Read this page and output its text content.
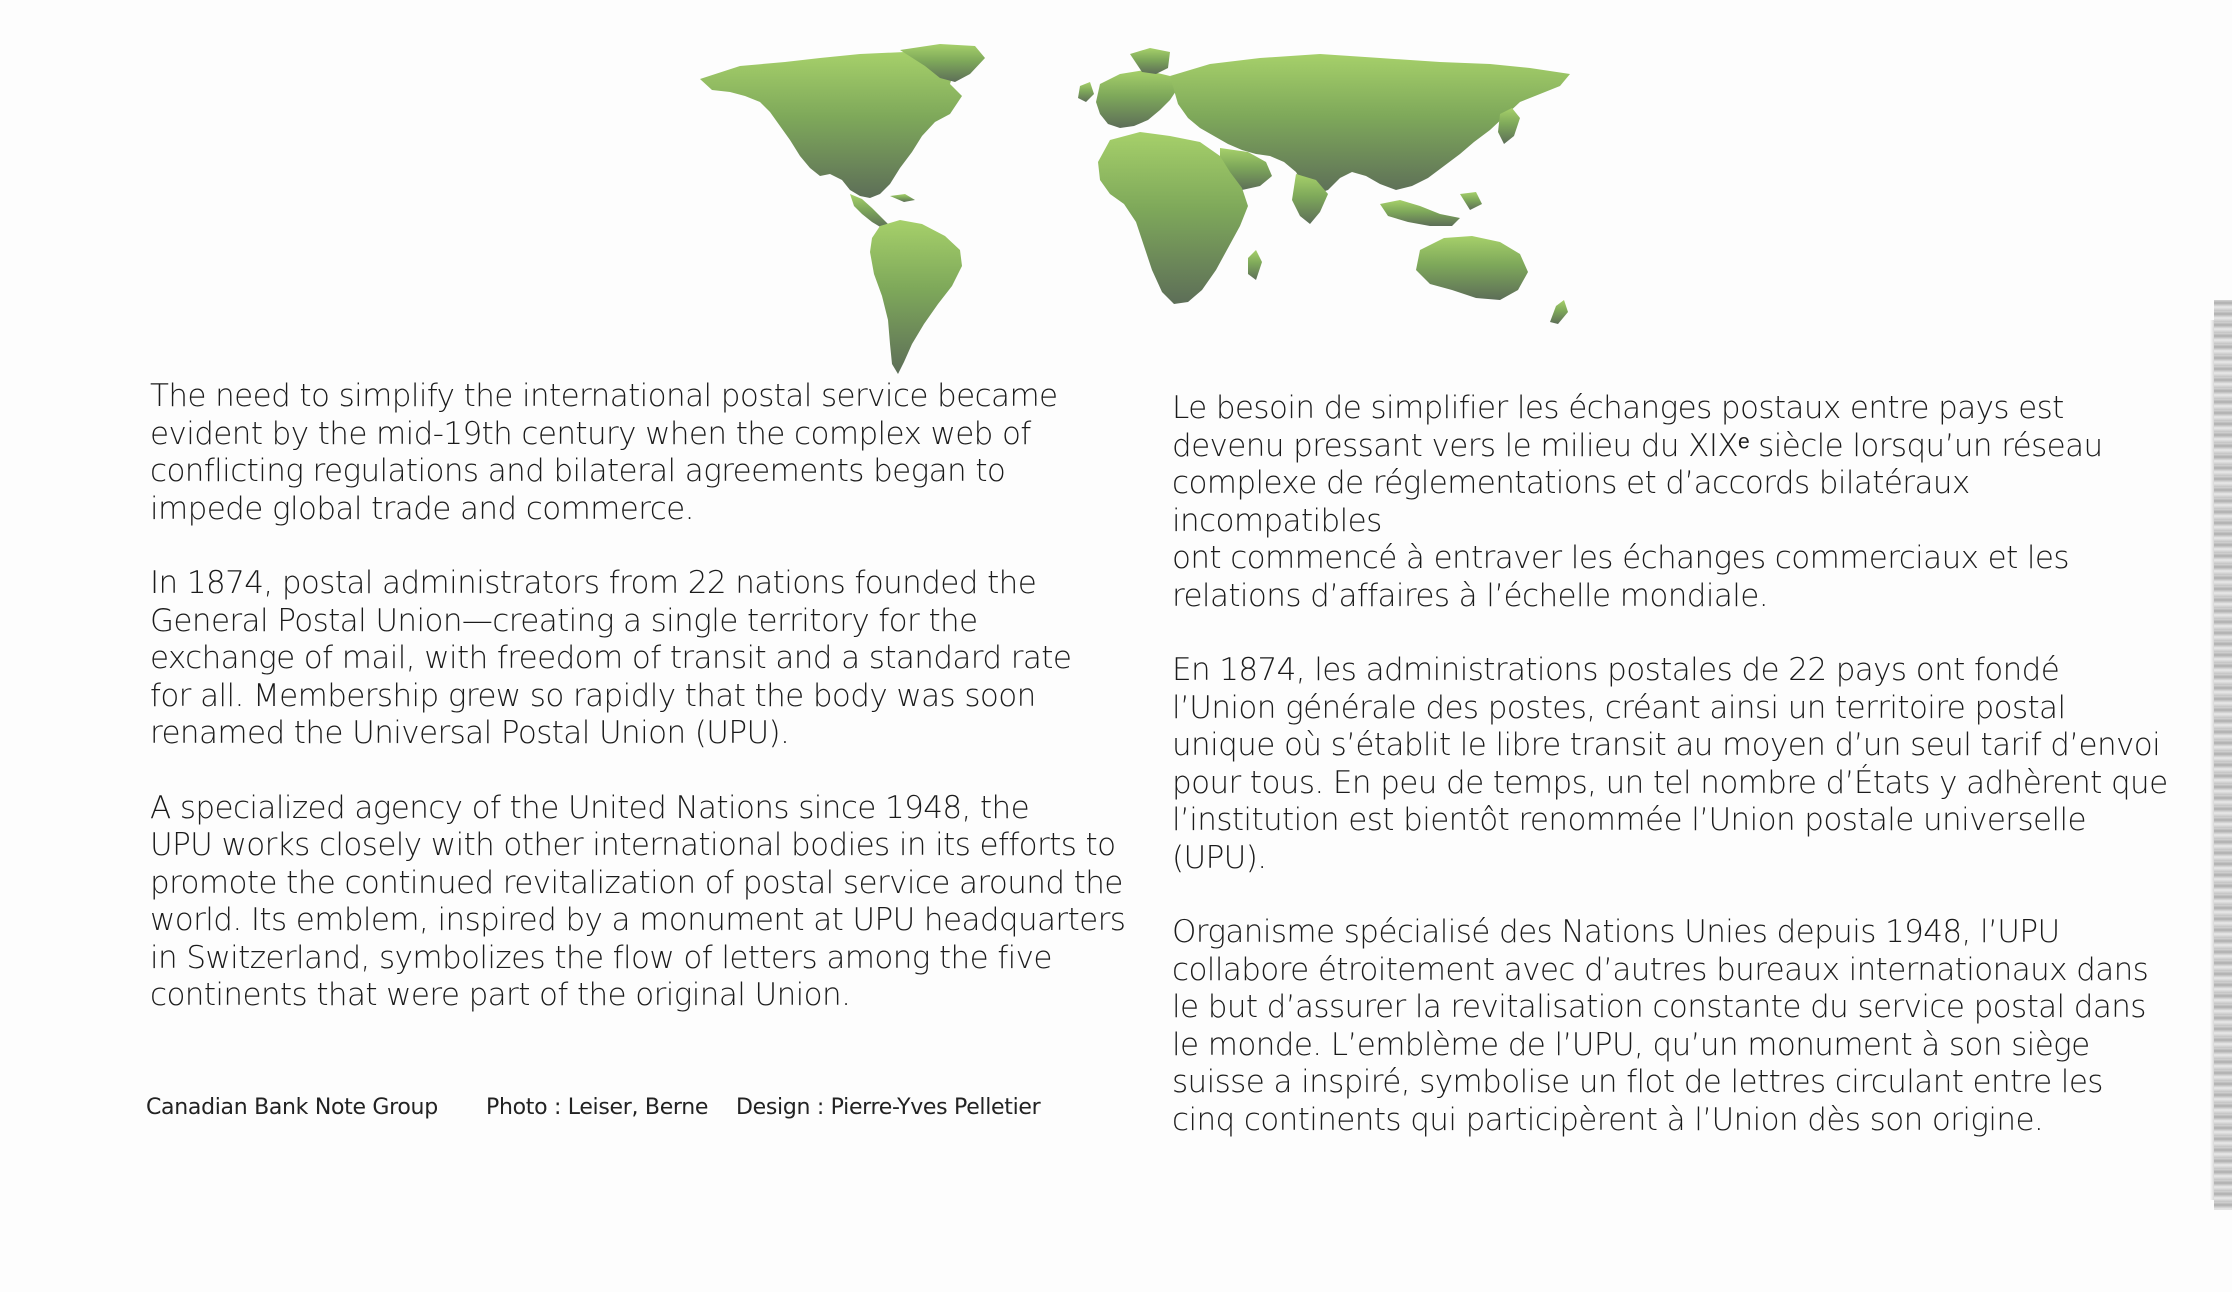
The need to simplify the international postal service became
evident by the mid-19th century when the complex web of
conflicting regulations and bilateral agreements began to
impede global trade and commerce.

In 1874, postal administrators from 22 nations founded the
General Postal Union—creating a single territory for the
exchange of mail, with freedom of transit and a standard rate
for all. Membership grew so rapidly that the body was soon
renamed the Universal Postal Union (UPU).

A specialized agency of the United Nations since 1948, the
UPU works closely with other international bodies in its efforts to
promote the continued revitalization of postal service around the
world. Its emblem, inspired by a monument at UPU headquarters
in Switzerland, symbolizes the flow of letters among the five
continents that were part of the original Union.

Le besoin de simplifier les échanges postaux entre pays est
devenu pressant vers le milieu du XIXᵉ siècle lorsqu’un réseau
complexe de réglementations et d’accords bilatéraux incompatibles
ont commencé à entraver les échanges commerciaux et les
relations d’affaires à l’échelle mondiale.

En 1874, les administrations postales de 22 pays ont fondé
l’Union générale des postes, créant ainsi un territoire postal
unique où s’établit le libre transit au moyen d’un seul tarif d’envoi
pour tous. En peu de temps, un tel nombre d’États y adhèrent que
l’institution est bientôt renommée l’Union postale universelle (UPU).

Organisme spécialisé des Nations Unies depuis 1948, l’UPU
collabore étroitement avec d’autres bureaux internationaux dans
le but d’assurer la revitalisation constante du service postal dans
le monde. L’emblème de l’UPU, qu’un monument à son siège
suisse a inspiré, symbolise un flot de lettres circulant entre les
cinq continents qui participèrent à l’Union dès son origine.

Canadian Bank Note Group Photo : Leiser, Berne Design : Pierre-Yves Pelletier
